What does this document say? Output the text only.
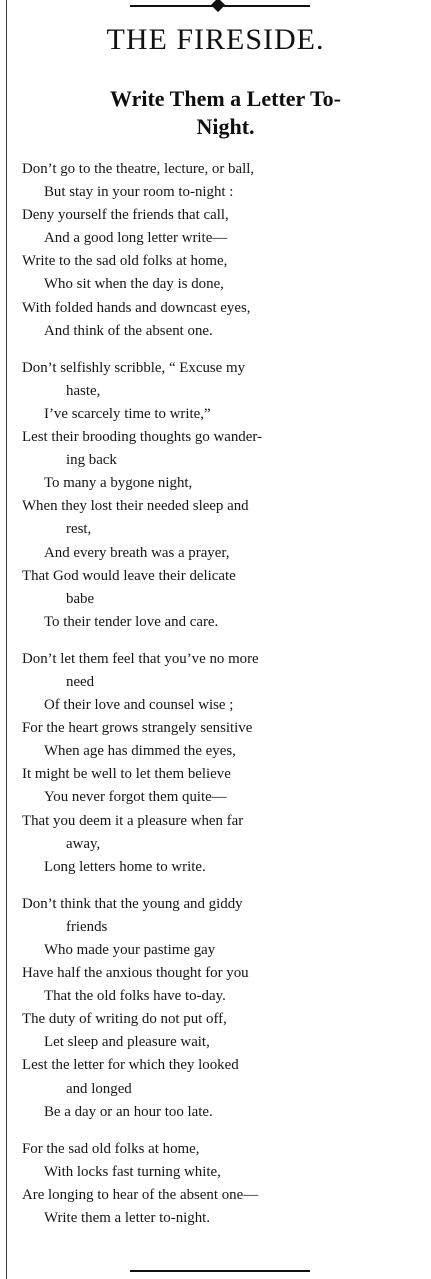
THE FIRESIDE.
Write Them a Letter To-
Night.
Don’t go to the theatre, lecture, or ball,
But stay in your room to-night :
Deny yourself the friends that call,
And a good long letter write—
Write to the sad old folks at home,
Who sit when the day is done,
With folded hands and downcast eyes,
And think of the absent one.
Don’t selfishly scribble, “ Excuse my
haste,
I’ve scarcely time to write,”
Lest their brooding thoughts go wander-
ing back
To many a bygone night,
When they lost their needed sleep and
rest,
And every breath was a prayer,
That God would leave their delicate
babe
To their tender love and care.
Don’t let them feel that you’ve no more
need
Of their love and counsel wise ;
For the heart grows strangely sensitive
When age has dimmed the eyes,
It might be well to let them believe
You never forgot them quite—
That you deem it a pleasure when far
away,
Long letters home to write.
Don’t think that the young and giddy
friends
Who made your pastime gay
Have half the anxious thought for you
That the old folks have to-day.
The duty of writing do not put off,
Let sleep and pleasure wait,
Lest the letter for which they looked
and longed
Be a day or an hour too late.
For the sad old folks at home,
With locks fast turning white,
Are longing to hear of the absent one—
Write them a letter to-night.
